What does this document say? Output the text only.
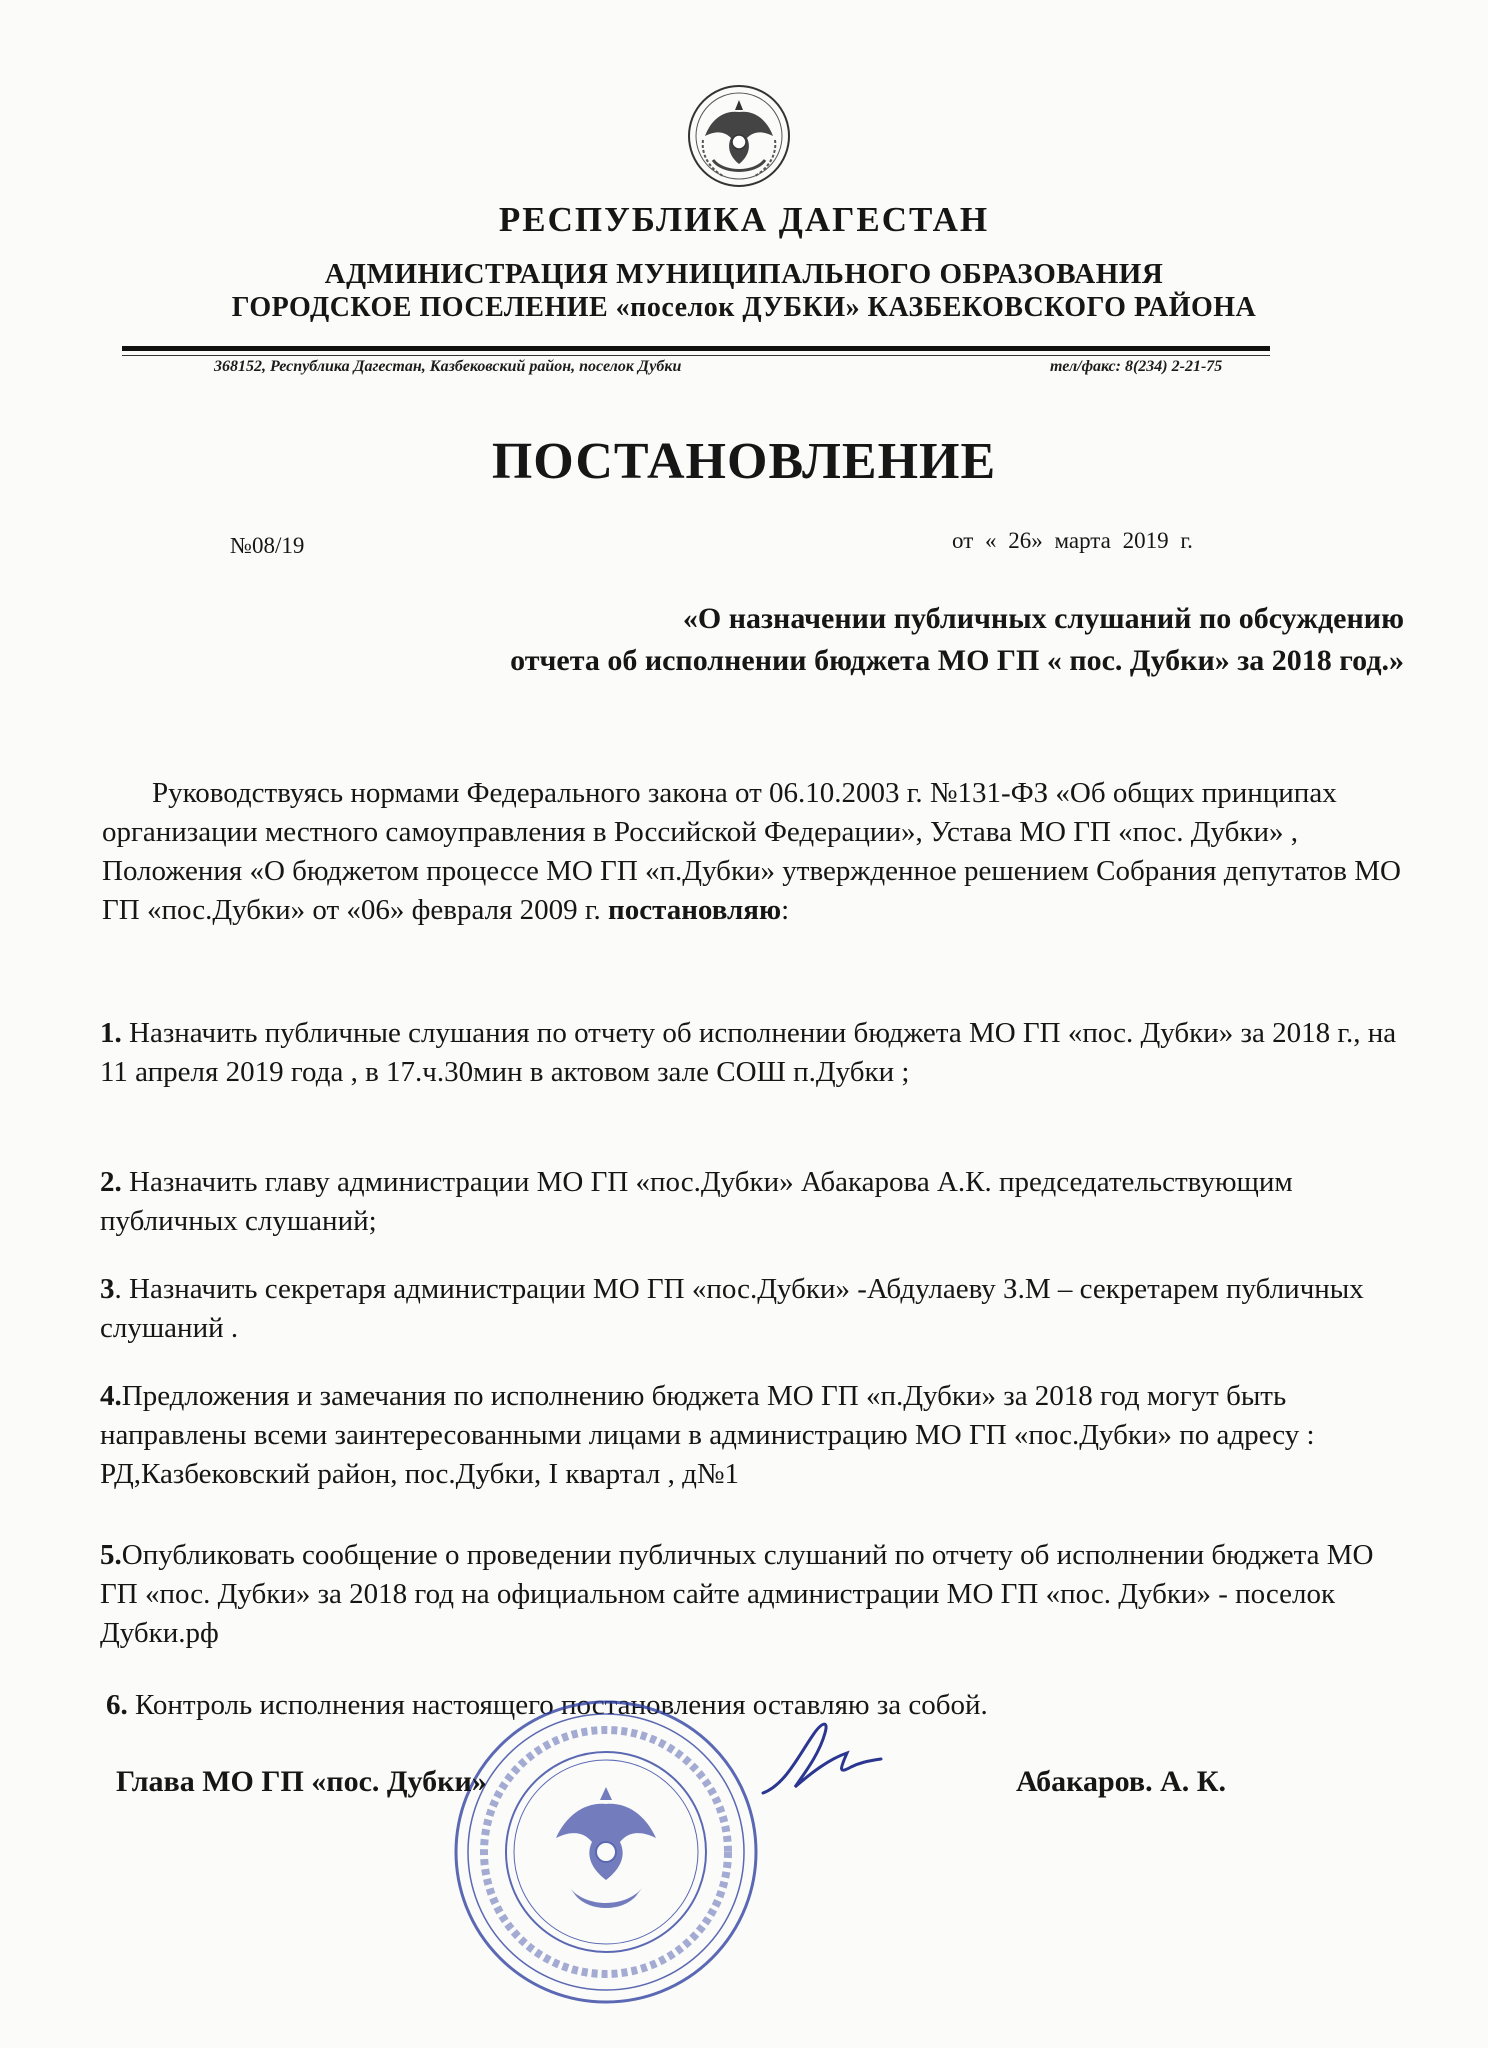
РЕСПУБЛИКА ДАГЕСТАН
АДМИНИСТРАЦИЯ МУНИЦИПАЛЬНОГО ОБРАЗОВАНИЯ
ГОРОДСКОЕ ПОСЕЛЕНИЕ «поселок ДУБКИ» КАЗБЕКОВСКОГО РАЙОНА
368152, Республика Дагестан, Казбековский район, поселок Дубки	тел/факс: 8(234) 2-21-75
ПОСТАНОВЛЕНИЕ
№08/19	от « 26» марта 2019 г.
«О назначении публичных слушаний по обсуждению
отчета об исполнении бюджета МО ГП « пос. Дубки» за 2018 год.»
Руководствуясь нормами Федерального закона от 06.10.2003 г. №131-ФЗ «Об общих принципах организации местного самоуправления в Российской Федерации», Устава МО ГП «пос. Дубки» , Положения «О бюджетом процессе МО ГП «п.Дубки» утвержденное решением Собрания депутатов МО ГП «пос.Дубки» от «06» февраля 2009 г. постановляю:
1. Назначить публичные слушания по отчету об исполнении бюджета МО ГП «пос. Дубки» за 2018 г., на 11 апреля 2019 года , в 17.ч.30мин в актовом зале СОШ п.Дубки ;
2. Назначить главу администрации МО ГП «пос.Дубки» Абакарова А.К. председательствующим публичных слушаний;
3. Назначить секретаря администрации МО ГП «пос.Дубки» -Абдулаеву З.М – секретарем публичных слушаний .
4.Предложения и замечания по исполнению бюджета МО ГП «п.Дубки» за 2018 год могут быть направлены всеми заинтересованными лицами в администрацию МО ГП «пос.Дубки» по адресу : РД,Казбековский район, пос.Дубки, I квартал , д№1
5.Опубликовать сообщение о проведении публичных слушаний по отчету об исполнении бюджета МО ГП «пос. Дубки» за 2018 год на официальном сайте администрации МО ГП «пос. Дубки» - поселок Дубки.рф
6. Контроль исполнения настоящего постановления оставляю за собой.
Глава МО ГП «пос. Дубки»	Абакаров. А. К.
